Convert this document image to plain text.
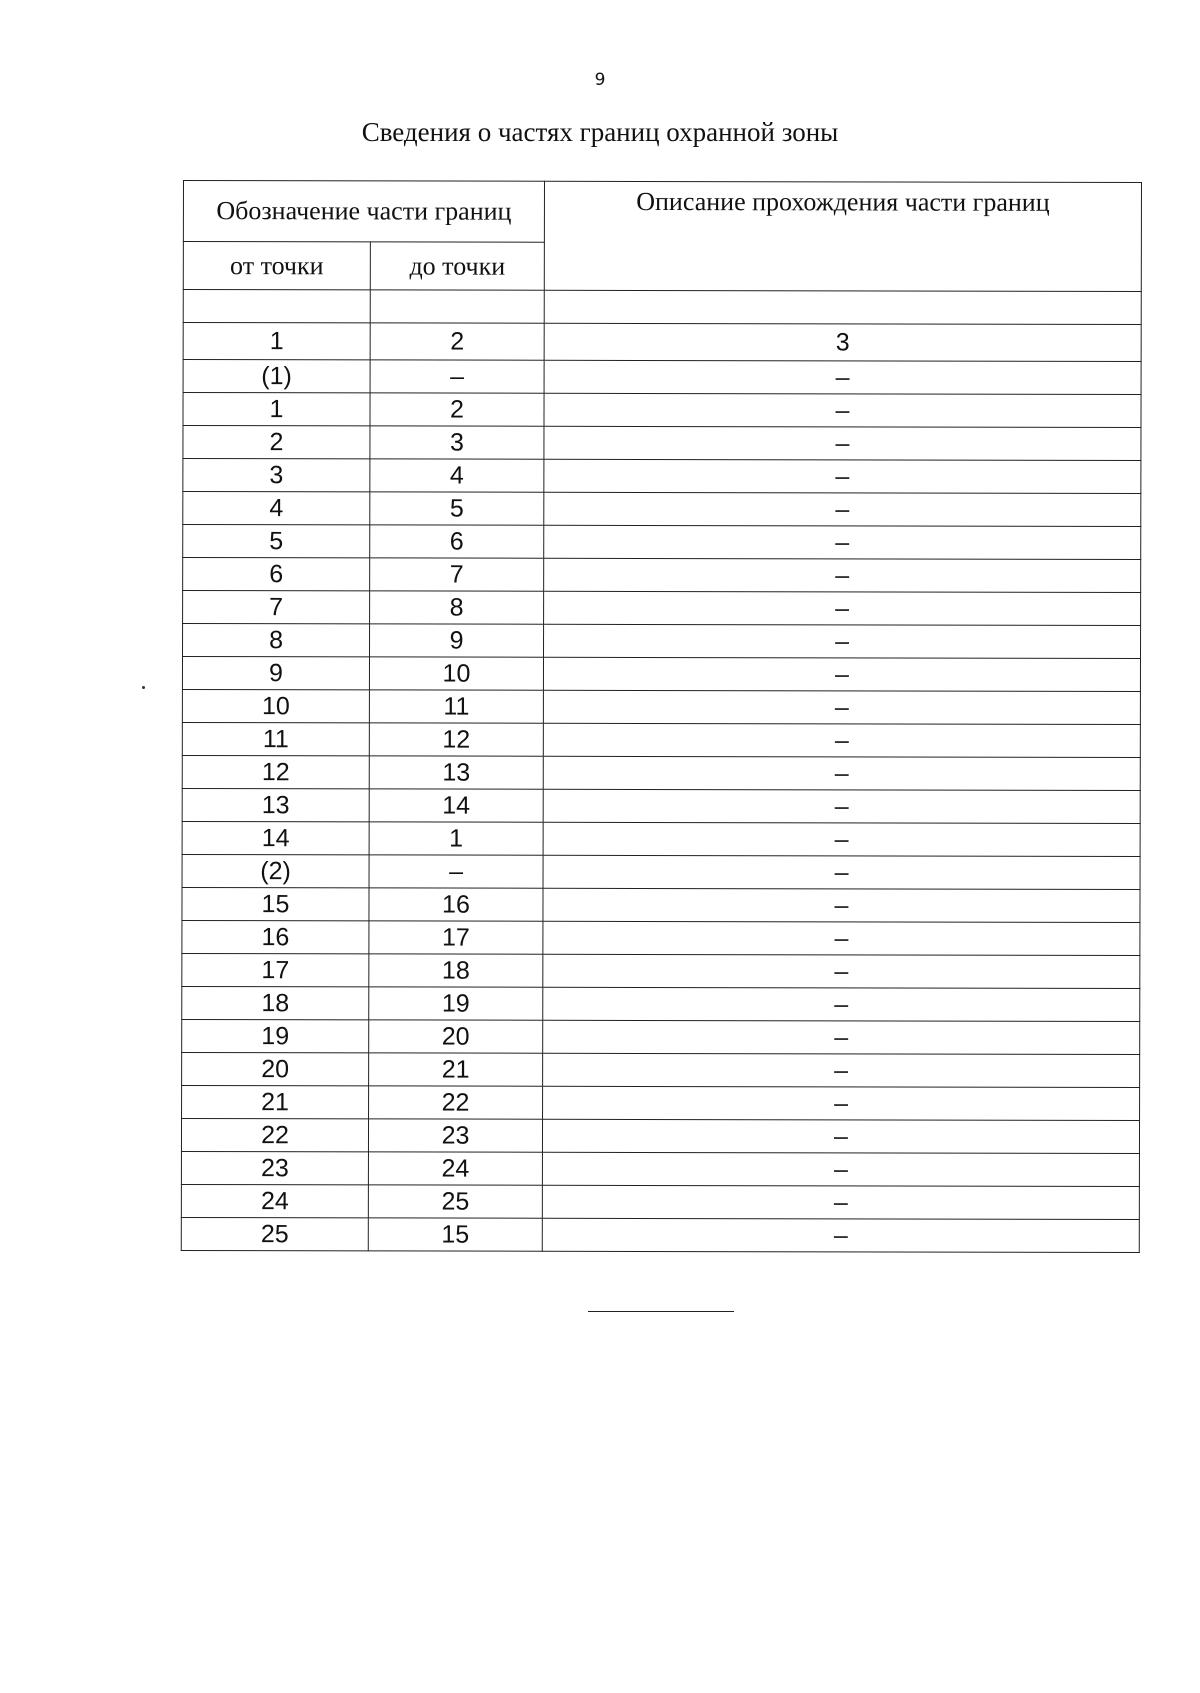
9
Сведения о частях границ охранной зоны
Обозначение части границ		Описание прохождения части границ
от точки	до точки	

1	2	3
(1)	–	–
1	2	–
2	3	–
3	4	–
4	5	–
5	6	–
6	7	–
7	8	–
8	9	–
9	10	–
10	11	–
11	12	–
12	13	–
13	14	–
14	1	–
(2)	–	–
15	16	–
16	17	–
17	18	–
18	19	–
19	20	–
20	21	–
21	22	–
22	23	–
23	24	–
24	25	–
25	15	–
